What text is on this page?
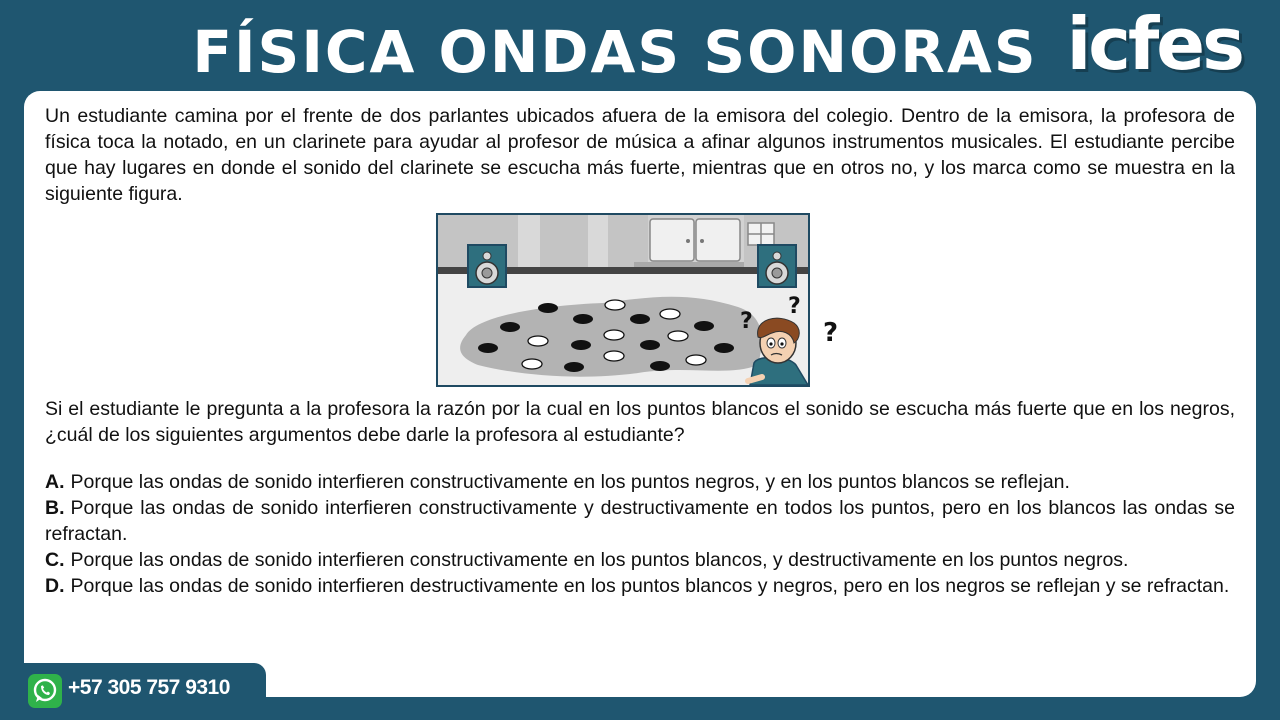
FÍSICA ONDAS SONORAS icfes
Un estudiante camina por el frente de dos parlantes ubicados afuera de la emisora del colegio. Dentro de la emisora, la profesora de física toca la notado, en un clarinete para ayudar al profesor de música a afinar algunos instrumentos musicales. El estudiante percibe que hay lugares en donde el sonido del clarinete se escucha más fuerte, mientras que en otros no, y los marca como se muestra en la siguiente figura.
?
?
Si el estudiante le pregunta a la profesora la razón por la cual en los puntos blancos el sonido se escucha más fuerte que en los negros, ¿cuál de los siguientes argumentos debe darle la profesora al estudiante?

A. Porque las ondas de sonido interfieren constructivamente en los puntos negros, y en los puntos blancos se reflejan.

B. Porque las ondas de sonido interfieren constructivamente y destructivamente en todos los puntos, pero en los blancos las ondas se refractan.

C. Porque las ondas de sonido interfieren constructivamente en los puntos blancos, y destructivamente en los puntos negros.

D. Porque las ondas de sonido interfieren destructivamente en los puntos blancos y negros, pero en los negros se reflejan y se refractan.

?
+57 305 757 9310
